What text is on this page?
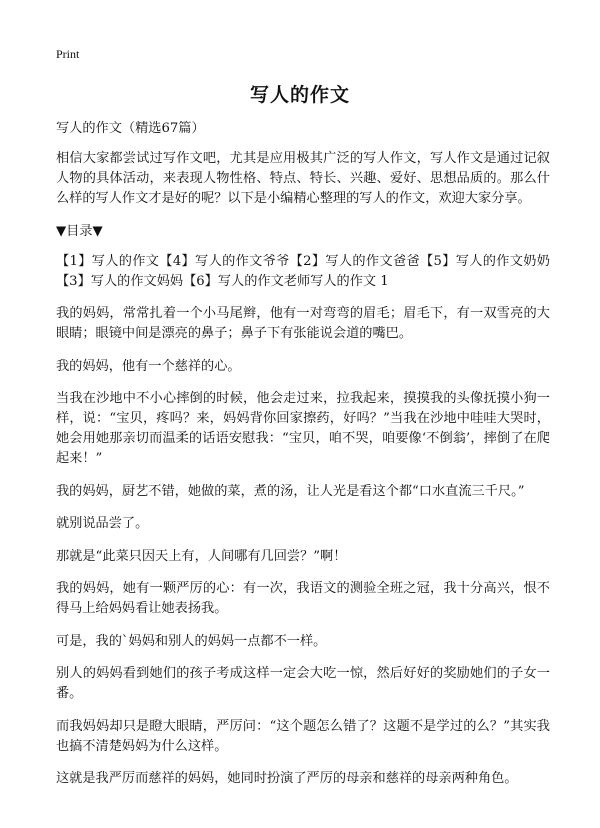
Print
写人的作文

写人的作文（精选67篇）

相信大家都尝试过写作文吧，尤其是应用极其广泛的写人作文，写人作文是通过记叙人物的具体活动，来表现人物性格、特点、特长、兴趣、爱好、思想品质的。那么什么样的写人作文才是好的呢？以下是小编精心整理的写人的作文，欢迎大家分享。

▼目录▼

【1】写人的作文【4】写人的作文爷爷【2】写人的作文爸爸【5】写人的作文奶奶【3】写人的作文妈妈【6】写人的作文老师写人的作文 1

我的妈妈，常常扎着一个小马尾辫，他有一对弯弯的眉毛；眉毛下，有一双雪亮的大眼睛；眼镜中间是漂亮的鼻子；鼻子下有张能说会道的嘴巴。

我的妈妈，他有一个慈祥的心。

当我在沙地中不小心摔倒的时候，他会走过来，拉我起来，摸摸我的头像抚摸小狗一样，说：“宝贝，疼吗？来，妈妈背你回家擦药，好吗？”当我在沙地中哇哇大哭时，她会用她那亲切而温柔的话语安慰我：“宝贝，咱不哭，咱要像‘不倒翁’，摔倒了在爬起来！”

我的妈妈，厨艺不错，她做的菜，煮的汤，让人光是看这个都“口水直流三千尺。”

就别说品尝了。

那就是“此菜只因天上有，人间哪有几回尝？”啊！

我的妈妈，她有一颗严厉的心：有一次，我语文的测验全班之冠，我十分高兴，恨不得马上给妈妈看让她表扬我。

可是，我的`妈妈和别人的妈妈一点都不一样。

别人的妈妈看到她们的孩子考成这样一定会大吃一惊，然后好好的奖励她们的子女一番。

而我妈妈却只是瞪大眼睛，严厉问：“这个题怎么错了？这题不是学过的么？”其实我也搞不清楚妈妈为什么这样。

这就是我严厉而慈祥的妈妈，她同时扮演了严厉的母亲和慈祥的母亲两种角色。
